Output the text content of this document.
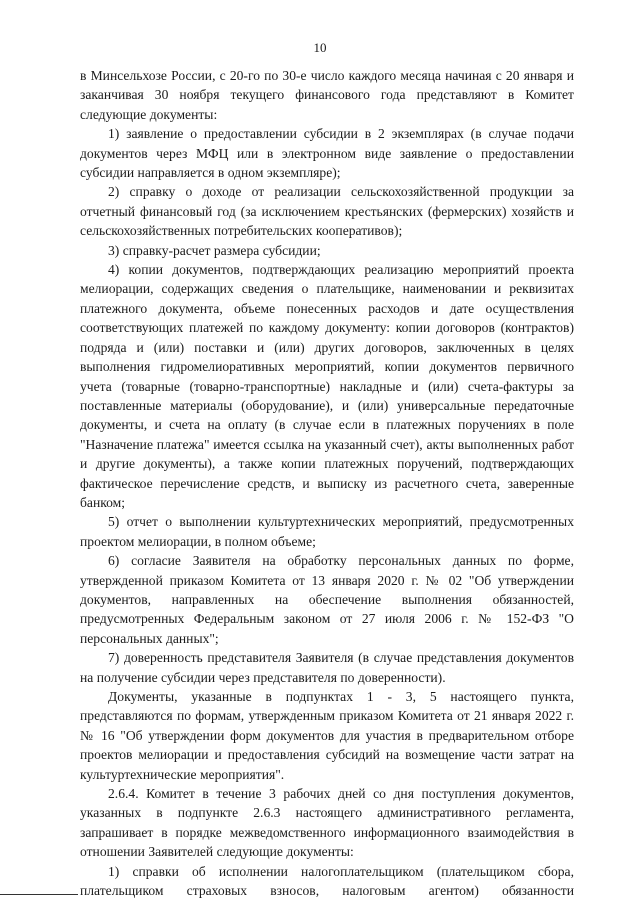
10

в Минсельхозе России, с 20-го по 30-е число каждого месяца начиная с 20 января и заканчивая 30 ноября текущего финансового года представляют в Комитет следующие документы:

1) заявление о предоставлении субсидии в 2 экземплярах (в случае подачи документов через МФЦ или в электронном виде заявление о предоставлении субсидии направляется в одном экземпляре);

2) справку о доходе от реализации сельскохозяйственной продукции за отчетный финансовый год (за исключением крестьянских (фермерских) хозяйств и сельскохозяйственных потребительских кооперативов);

3) справку-расчет размера субсидии;

4) копии документов, подтверждающих реализацию мероприятий проекта мелиорации, содержащих сведения о плательщике, наименовании и реквизитах платежного документа, объеме понесенных расходов и дате осуществления соответствующих платежей по каждому документу: копии договоров (контрактов) подряда и (или) поставки и (или) других договоров, заключенных в целях выполнения гидромелиоративных мероприятий, копии документов первичного учета (товарные (товарно-транспортные) накладные и (или) счета-фактуры за поставленные материалы (оборудование), и (или) универсальные передаточные документы, и счета на оплату (в случае если в платежных поручениях в поле "Назначение платежа" имеется ссылка на указанный счет), акты выполненных работ и другие документы), а также копии платежных поручений, подтверждающих фактическое перечисление средств, и выписку из расчетного счета, заверенные банком;

5) отчет о выполнении культуртехнических мероприятий, предусмотренных проектом мелиорации, в полном объеме;

6) согласие Заявителя на обработку персональных данных по форме, утвержденной приказом Комитета от 13 января 2020 г. № 02 "Об утверждении документов, направленных на обеспечение выполнения обязанностей, предусмотренных Федеральным законом от 27 июля 2006 г. № 152-ФЗ "О персональных данных";

7) доверенность представителя Заявителя (в случае представления документов на получение субсидии через представителя по доверенности).

Документы, указанные в подпунктах 1 - 3, 5 настоящего пункта, представляются по формам, утвержденным приказом Комитета от 21 января 2022 г. № 16 "Об утверждении форм документов для участия в предварительном отборе проектов мелиорации и предоставления субсидий на возмещение части затрат на культуртехнические мероприятия".

2.6.4. Комитет в течение 3 рабочих дней со дня поступления документов, указанных в подпункте 2.6.3 настоящего административного регламента, запрашивает в порядке межведомственного информационного взаимодействия в отношении Заявителей следующие документы:

1) справки об исполнении налогоплательщиком (плательщиком сбора, плательщиком страховых взносов, налоговым агентом) обязанности
